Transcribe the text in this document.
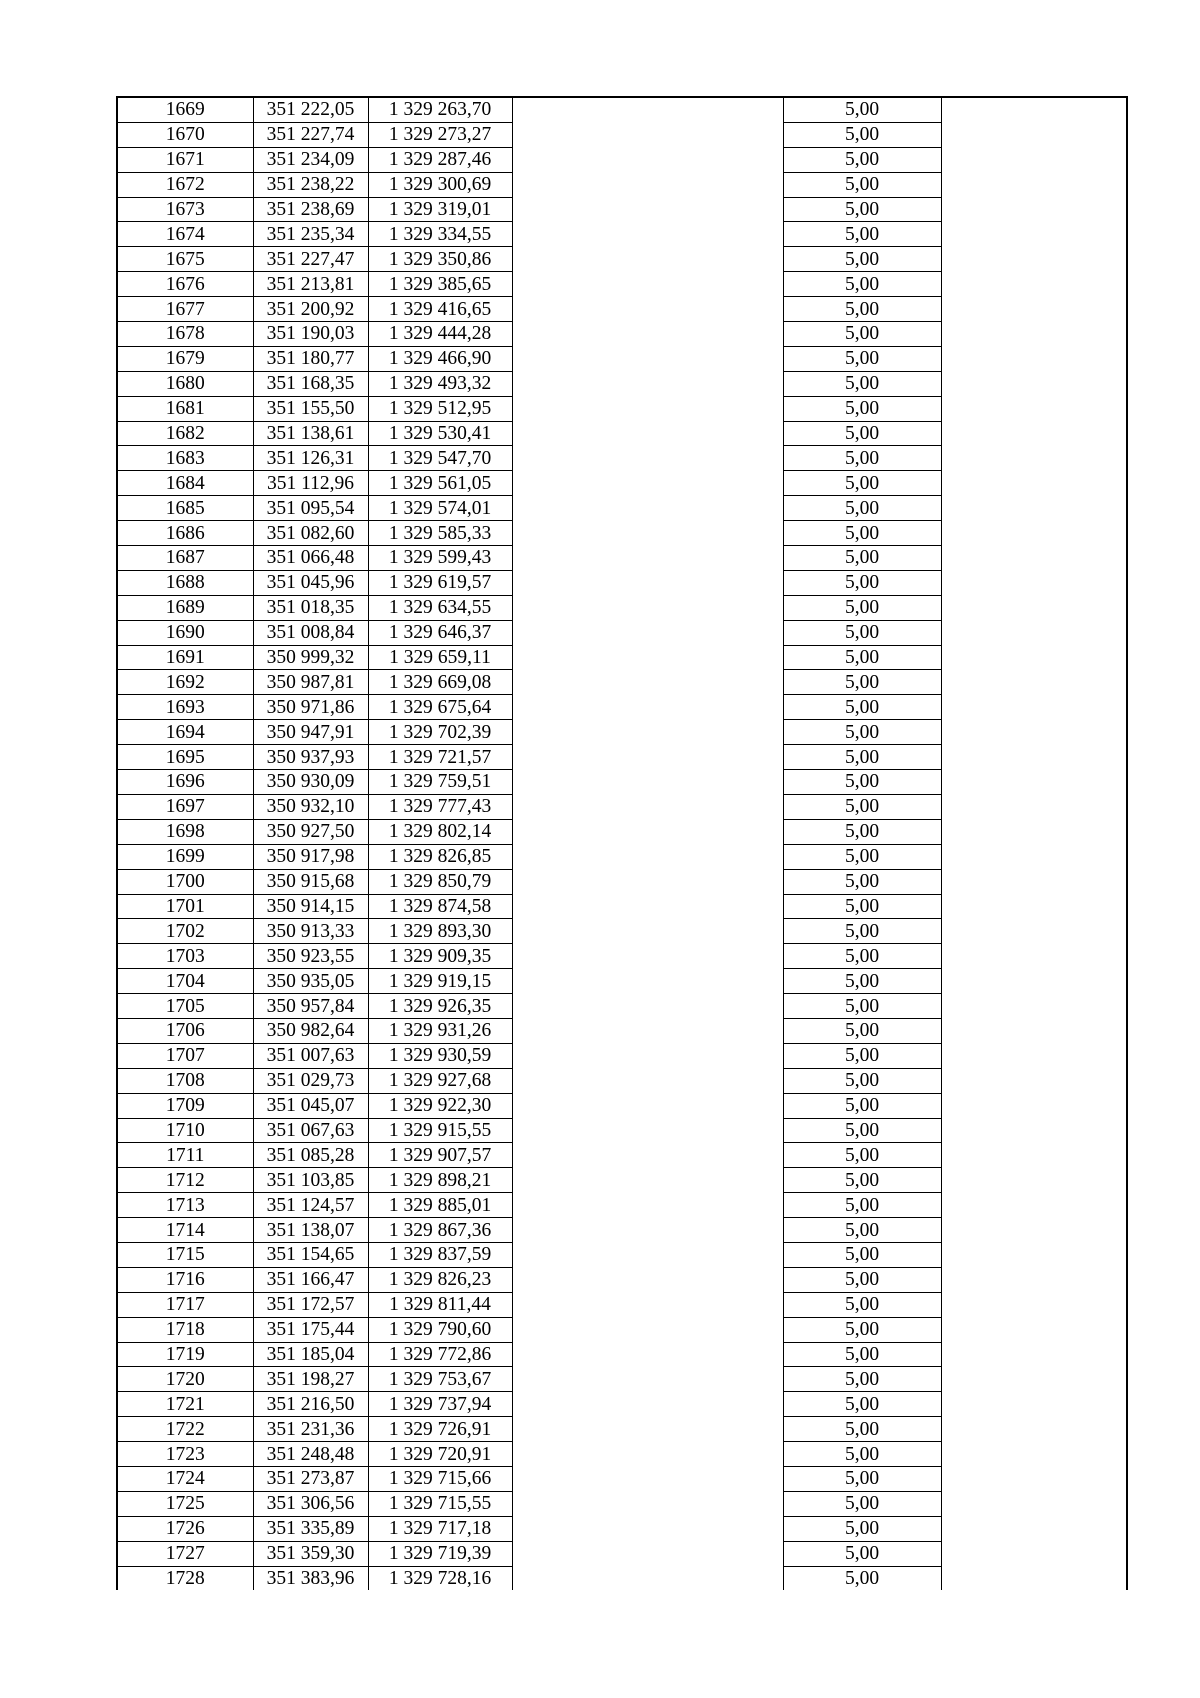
1669	351 222,05	1 329 263,70		5,00	
1670	351 227,74	1 329 273,27		5,00	
1671	351 234,09	1 329 287,46		5,00	
1672	351 238,22	1 329 300,69		5,00	
1673	351 238,69	1 329 319,01		5,00	
1674	351 235,34	1 329 334,55		5,00	
1675	351 227,47	1 329 350,86		5,00	
1676	351 213,81	1 329 385,65		5,00	
1677	351 200,92	1 329 416,65		5,00	
1678	351 190,03	1 329 444,28		5,00	
1679	351 180,77	1 329 466,90		5,00	
1680	351 168,35	1 329 493,32		5,00	
1681	351 155,50	1 329 512,95		5,00	
1682	351 138,61	1 329 530,41		5,00	
1683	351 126,31	1 329 547,70		5,00	
1684	351 112,96	1 329 561,05		5,00	
1685	351 095,54	1 329 574,01		5,00	
1686	351 082,60	1 329 585,33		5,00	
1687	351 066,48	1 329 599,43		5,00	
1688	351 045,96	1 329 619,57		5,00	
1689	351 018,35	1 329 634,55		5,00	
1690	351 008,84	1 329 646,37		5,00	
1691	350 999,32	1 329 659,11		5,00	
1692	350 987,81	1 329 669,08		5,00	
1693	350 971,86	1 329 675,64		5,00	
1694	350 947,91	1 329 702,39		5,00	
1695	350 937,93	1 329 721,57		5,00	
1696	350 930,09	1 329 759,51		5,00	
1697	350 932,10	1 329 777,43		5,00	
1698	350 927,50	1 329 802,14		5,00	
1699	350 917,98	1 329 826,85		5,00	
1700	350 915,68	1 329 850,79		5,00	
1701	350 914,15	1 329 874,58		5,00	
1702	350 913,33	1 329 893,30		5,00	
1703	350 923,55	1 329 909,35		5,00	
1704	350 935,05	1 329 919,15		5,00	
1705	350 957,84	1 329 926,35		5,00	
1706	350 982,64	1 329 931,26		5,00	
1707	351 007,63	1 329 930,59		5,00	
1708	351 029,73	1 329 927,68		5,00	
1709	351 045,07	1 329 922,30		5,00	
1710	351 067,63	1 329 915,55		5,00	
1711	351 085,28	1 329 907,57		5,00	
1712	351 103,85	1 329 898,21		5,00	
1713	351 124,57	1 329 885,01		5,00	
1714	351 138,07	1 329 867,36		5,00	
1715	351 154,65	1 329 837,59		5,00	
1716	351 166,47	1 329 826,23		5,00	
1717	351 172,57	1 329 811,44		5,00	
1718	351 175,44	1 329 790,60		5,00	
1719	351 185,04	1 329 772,86		5,00	
1720	351 198,27	1 329 753,67		5,00	
1721	351 216,50	1 329 737,94		5,00	
1722	351 231,36	1 329 726,91		5,00	
1723	351 248,48	1 329 720,91		5,00	
1724	351 273,87	1 329 715,66		5,00	
1725	351 306,56	1 329 715,55		5,00	
1726	351 335,89	1 329 717,18		5,00	
1727	351 359,30	1 329 719,39		5,00	
1728	351 383,96	1 329 728,16		5,00	
